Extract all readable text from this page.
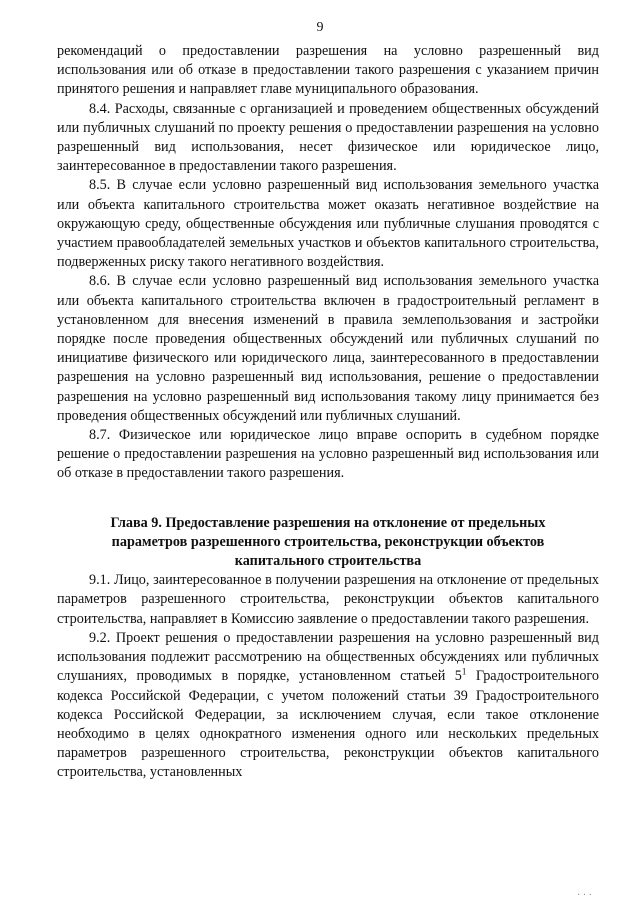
9

рекомендаций о предоставлении разрешения на условно разрешенный вид использования или об отказе в предоставлении такого разрешения с указанием причин принятого решения и направляет главе муниципального образования.

8.4. Расходы, связанные с организацией и проведением общественных обсуждений или публичных слушаний по проекту решения о предоставлении разрешения на условно разрешенный вид использования, несет физическое или юридическое лицо, заинтересованное в предоставлении такого разрешения.

8.5. В случае если условно разрешенный вид использования земельного участка или объекта капитального строительства может оказать негативное воздействие на окружающую среду, общественные обсуждения или публичные слушания проводятся с участием правообладателей земельных участков и объектов капитального строительства, подверженных риску такого негативного воздействия.

8.6. В случае если условно разрешенный вид использования земельного участка или объекта капитального строительства включен в градостроительный регламент в установленном для внесения изменений в правила землепользования и застройки порядке после проведения общественных обсуждений или публичных слушаний по инициативе физического или юридического лица, заинтересованного в предоставлении разрешения на условно разрешенный вид использования, решение о предоставлении разрешения на условно разрешенный вид использования такому лицу принимается без проведения общественных обсуждений или публичных слушаний.

8.7. Физическое или юридическое лицо вправе оспорить в судебном порядке решение о предоставлении разрешения на условно разрешенный вид использования или об отказе в предоставлении такого разрешения.

Глава 9. Предоставление разрешения на отклонение от предельных параметров разрешенного строительства, реконструкции объектов капитального строительства

9.1. Лицо, заинтересованное в получении разрешения на отклонение от предельных параметров разрешенного строительства, реконструкции объектов капитального строительства, направляет в Комиссию заявление о предоставлении такого разрешения.

9.2. Проект решения о предоставлении разрешения на условно разрешенный вид использования подлежит рассмотрению на общественных обсуждениях или публичных слушаниях, проводимых в порядке, установленном статьей $5^1$ Градостроительного кодекса Российской Федерации, с учетом положений статьи 39 Градостроительного кодекса Российской Федерации, за исключением случая, если такое отклонение необходимо в целях однократного изменения одного или нескольких предельных параметров разрешенного строительства, реконструкции объектов капитального строительства, установленных

· · ·
